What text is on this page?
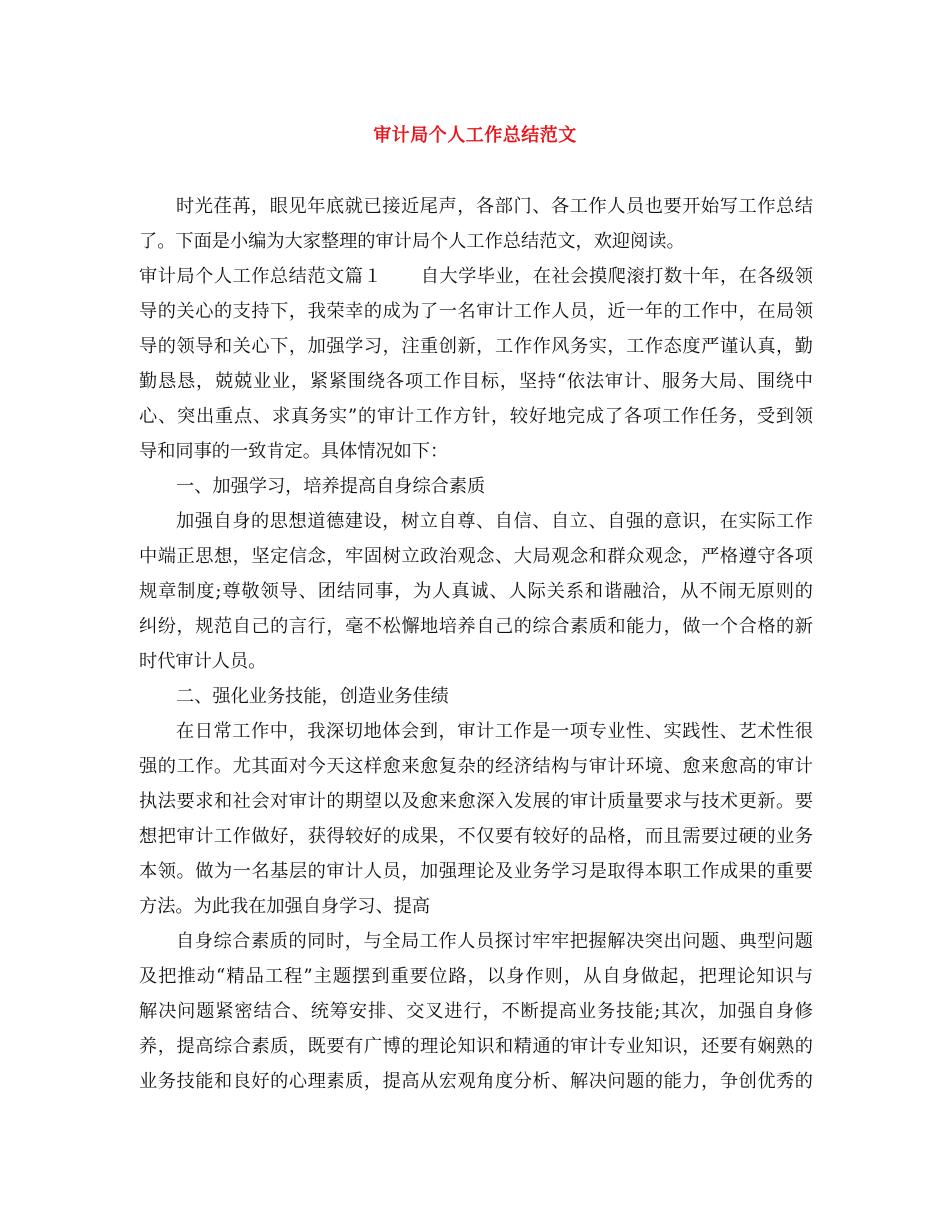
审计局个人工作总结范文
时光荏苒，眼见年底就已接近尾声，各部门、各工作人员也要开始写工作总结
了。下面是小编为大家整理的审计局个人工作总结范文，欢迎阅读。
审计局个人工作总结范文篇１ 自大学毕业，在社会摸爬滚打数十年，在各级领
导的关心的支持下，我荣幸的成为了一名审计工作人员，近一年的工作中，在局领
导的领导和关心下，加强学习，注重创新，工作作风务实，工作态度严谨认真，勤
勤恳恳，兢兢业业，紧紧围绕各项工作目标，坚持“依法审计、服务大局、围绕中
心、突出重点、求真务实”的审计工作方针，较好地完成了各项工作任务，受到领
导和同事的一致肯定。具体情况如下：
一、加强学习，培养提高自身综合素质
加强自身的思想道德建设，树立自尊、自信、自立、自强的意识，在实际工作
中端正思想，坚定信念，牢固树立政治观念、大局观念和群众观念，严格遵守各项
规章制度;尊敬领导、团结同事，为人真诚、人际关系和谐融洽，从不闹无原则的
纠纷，规范自己的言行，毫不松懈地培养自己的综合素质和能力，做一个合格的新
时代审计人员。
二、强化业务技能，创造业务佳绩
在日常工作中，我深切地体会到，审计工作是一项专业性、实践性、艺术性很
强的工作。尤其面对今天这样愈来愈复杂的经济结构与审计环境、愈来愈高的审计
执法要求和社会对审计的期望以及愈来愈深入发展的审计质量要求与技术更新。要
想把审计工作做好，获得较好的成果，不仅要有较好的品格，而且需要过硬的业务
本领。做为一名基层的审计人员，加强理论及业务学习是取得本职工作成果的重要
方法。为此我在加强自身学习、提高
自身综合素质的同时，与全局工作人员探讨牢牢把握解决突出问题、典型问题
及把推动“精品工程”主题摆到重要位路，以身作则，从自身做起，把理论知识与
解决问题紧密结合、统筹安排、交叉进行，不断提高业务技能;其次，加强自身修
养，提高综合素质，既要有广博的理论知识和精通的审计专业知识，还要有娴熟的
业务技能和良好的心理素质，提高从宏观角度分析、解决问题的能力，争创优秀的
